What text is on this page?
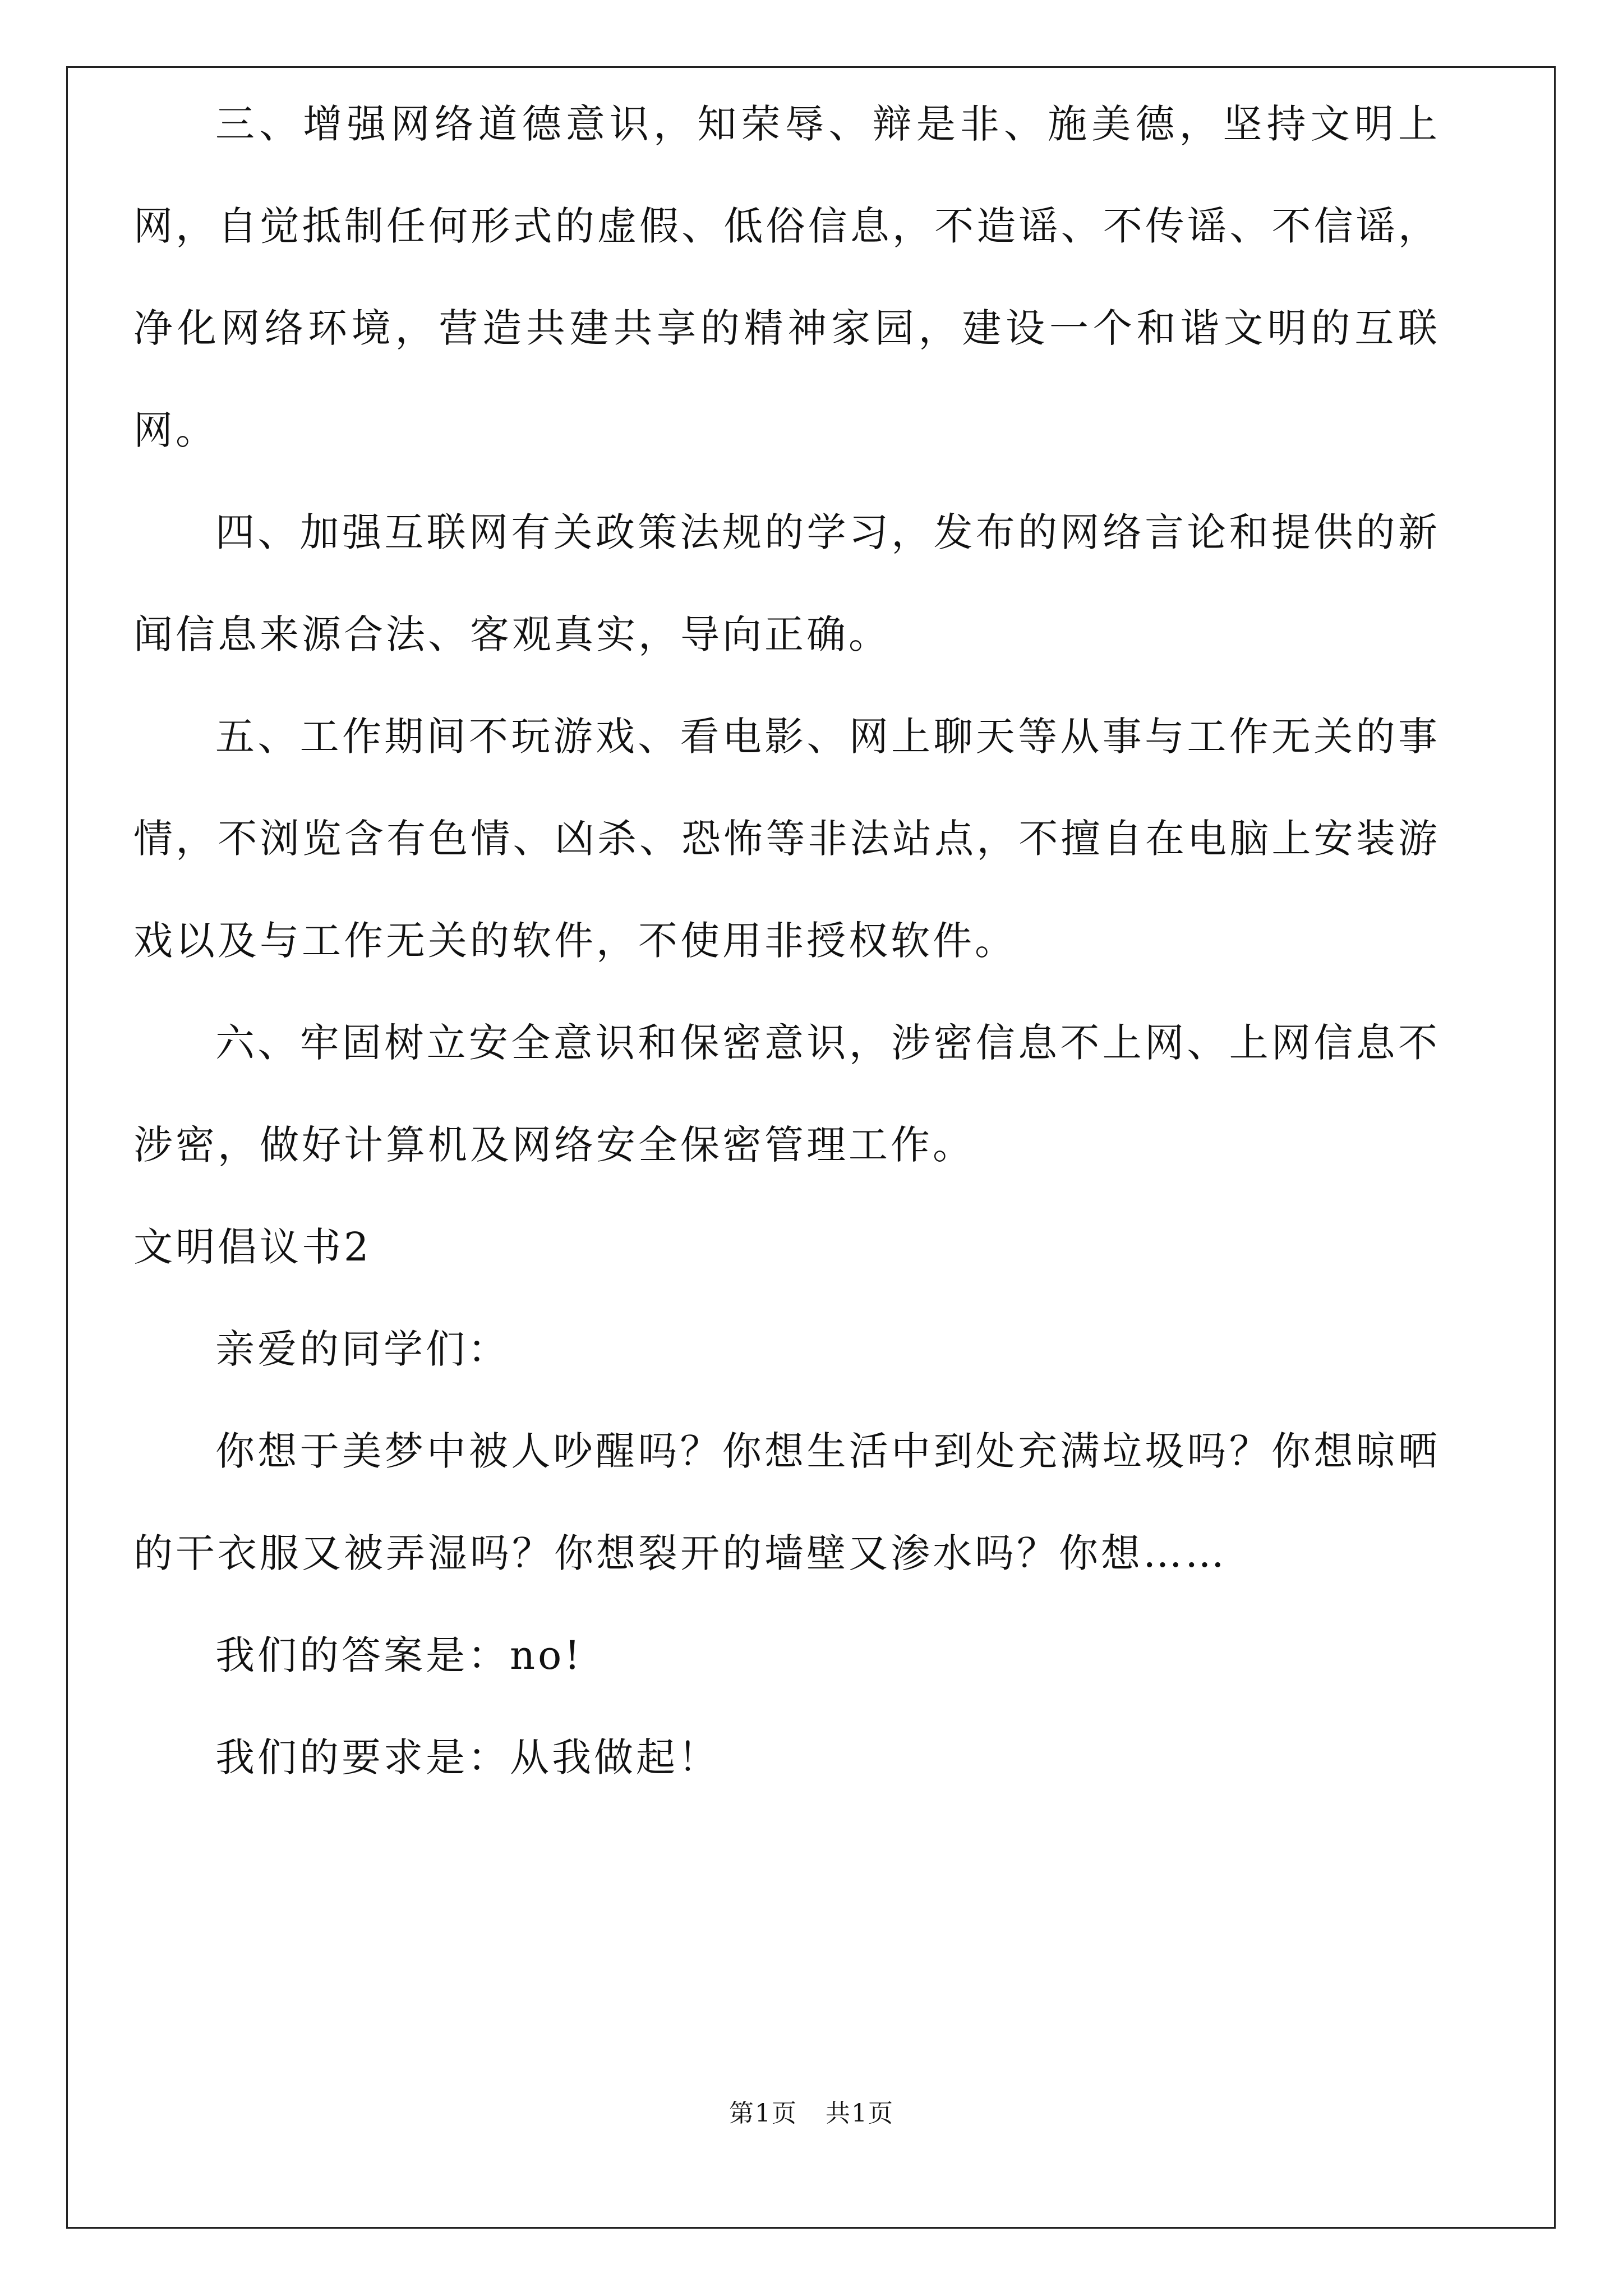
三、增强网络道德意识，知荣辱、辩是非、施美德，坚持文明上网，自觉抵制任何形式的虚假、低俗信息，不造谣、不传谣、不信谣，净化网络环境，营造共建共享的精神家园，建设一个和谐文明的互联网。

四、加强互联网有关政策法规的学习，发布的网络言论和提供的新闻信息来源合法、客观真实，导向正确。

五、工作期间不玩游戏、看电影、网上聊天等从事与工作无关的事情，不浏览含有色情、凶杀、恐怖等非法站点，不擅自在电脑上安装游戏以及与工作无关的软件，不使用非授权软件。

六、牢固树立安全意识和保密意识，涉密信息不上网、上网信息不涉密，做好计算机及网络安全保密管理工作。

文明倡议书2

亲爱的同学们：

你想于美梦中被人吵醒吗？你想生活中到处充满垃圾吗？你想晾晒的干衣服又被弄湿吗？你想裂开的墙壁又渗水吗？你想……

我们的答案是：no!

我们的要求是：从我做起！

第1页 共1页
